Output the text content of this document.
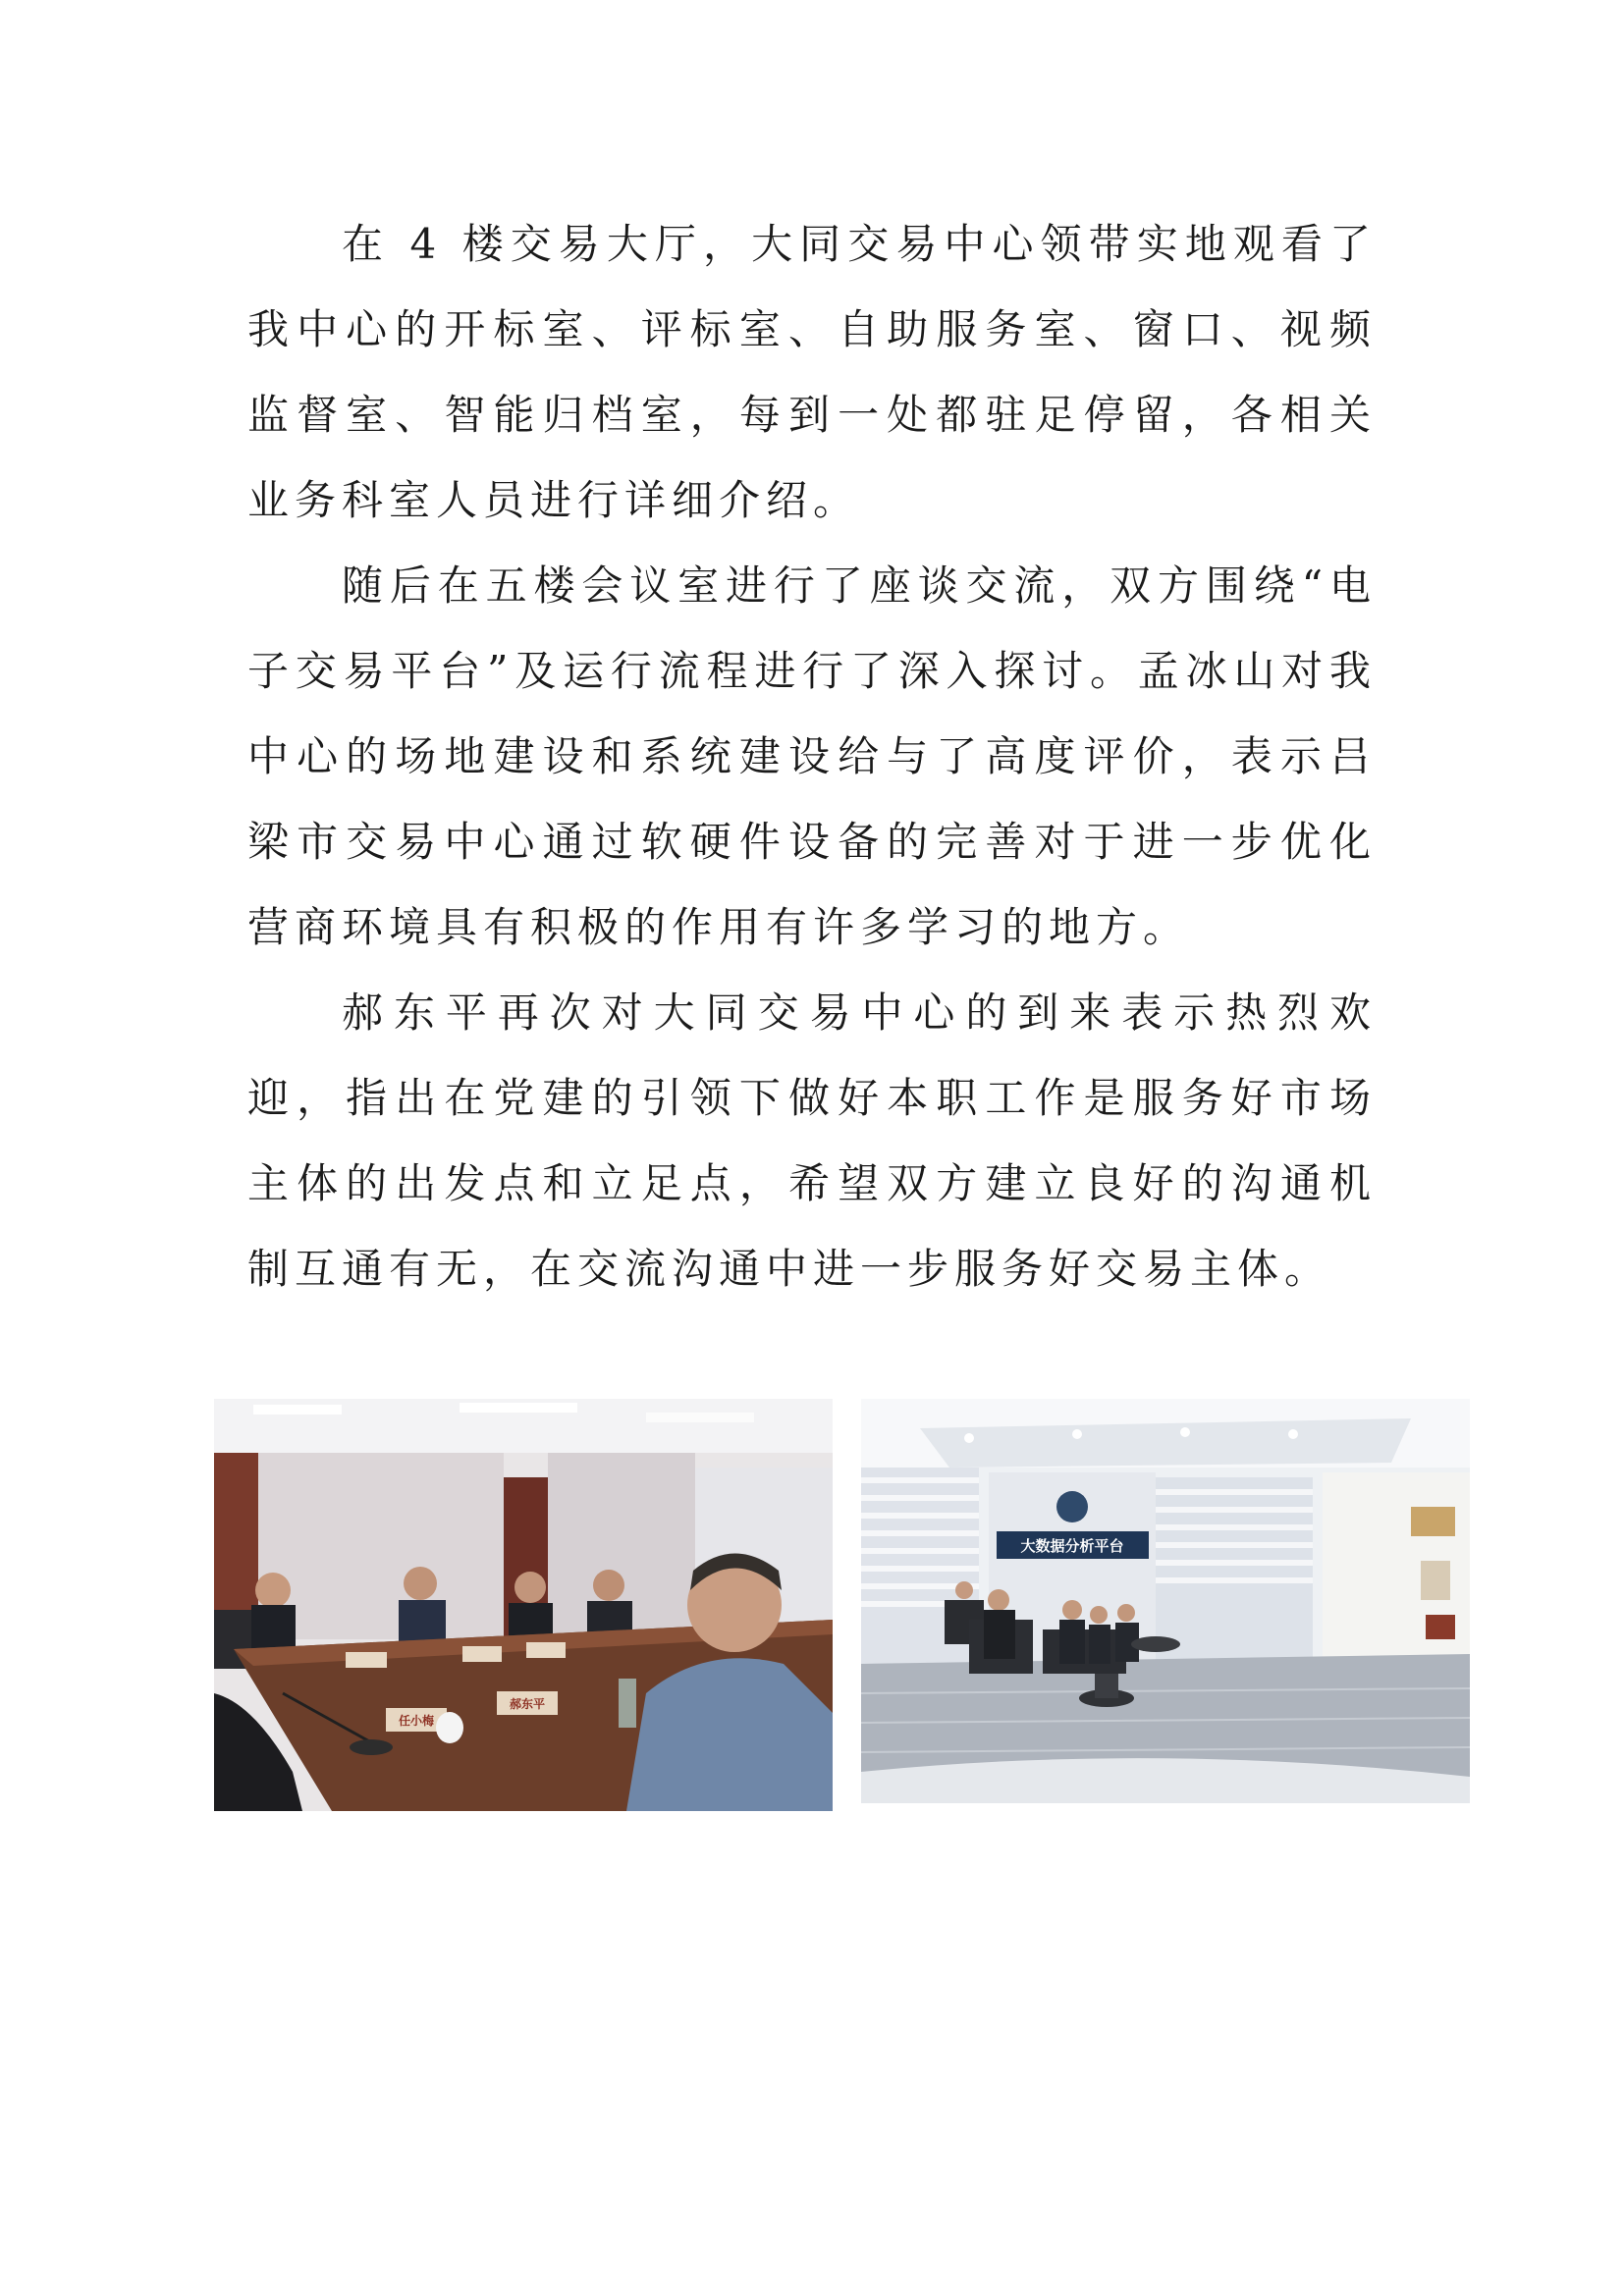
在 4 楼交易大厅，大同交易中心领带实地观看了我中心的开标室、评标室、自助服务室、窗口、视频监督室、智能归档室，每到一处都驻足停留，各相关业务科室人员进行详细介绍。

随后在五楼会议室进行了座谈交流，双方围绕“电子交易平台”及运行流程进行了深入探讨。孟冰山对我中心的场地建设和系统建设给与了高度评价，表示吕梁市交易中心通过软硬件设备的完善对于进一步优化营商环境具有积极的作用有许多学习的地方。

郝东平再次对大同交易中心的到来表示热烈欢迎，指出在党建的引领下做好本职工作是服务好市场主体的出发点和立足点，希望双方建立良好的沟通机制互通有无，在交流沟通中进一步服务好交易主体。

任小梅
郝东平
大数据分析平台
